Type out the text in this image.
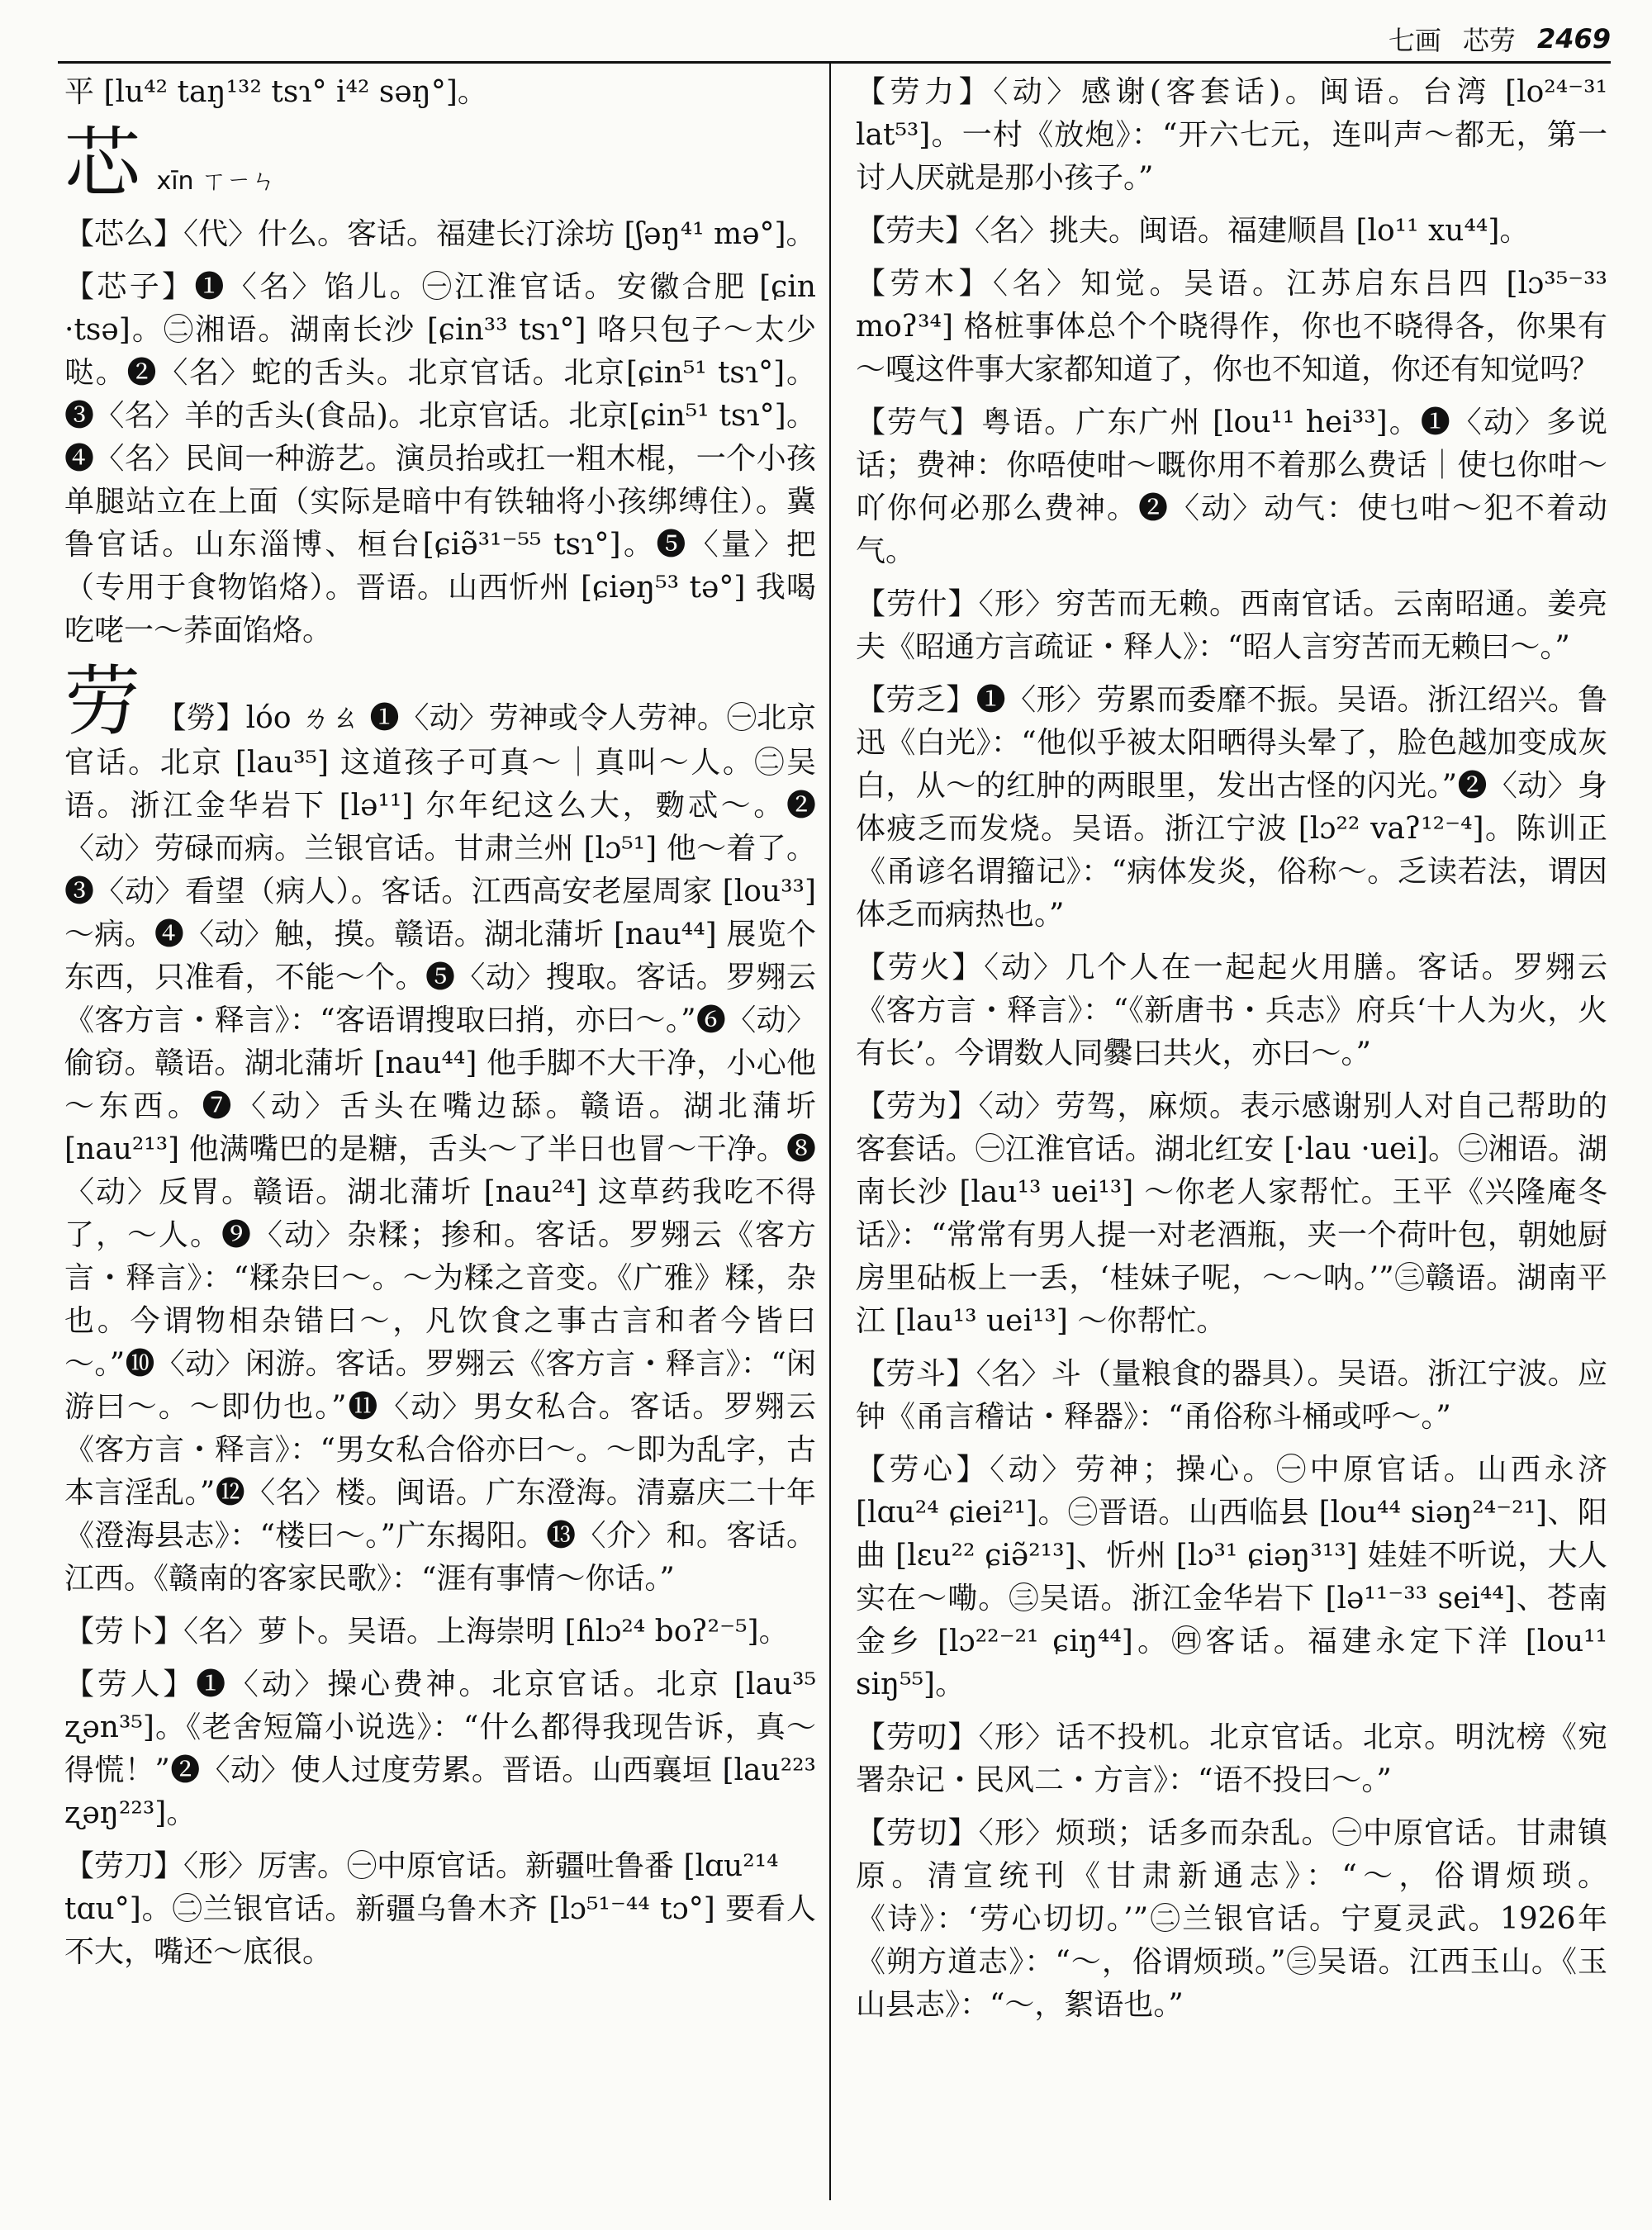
七画 芯劳 2469
平 [lu⁴² taŋ¹³² tsɿ° i⁴² səŋ°]。
芯 xīn ㄒㄧㄣ
【芯么】〈代〉什么。客话。福建长汀涂坊 [ʃəŋ⁴¹ mə°]。
【芯子】❶〈名〉馅儿。㊀江淮官话。安徽合肥 [ɕin ·tsə]。㊁湘语。湖南长沙 [ɕin³³ tsɿ°] 咯只包子～太少哒。❷〈名〉蛇的舌头。北京官话。北京[ɕin⁵¹ tsɿ°]。❸〈名〉羊的舌头(食品)。北京官话。北京[ɕin⁵¹ tsɿ°]。❹〈名〉民间一种游艺。演员抬或扛一粗木棍，一个小孩单腿站立在上面（实际是暗中有铁轴将小孩绑缚住）。冀鲁官话。山东淄博、桓台[ɕiə̃³¹⁻⁵⁵ tsɿ°]。❺〈量〉把（专用于食物馅烙）。晋语。山西忻州 [ɕiəŋ⁵³ tə°] 我喝吃咾一～荞面馅烙。
劳 【勞】lóo ㄌㄠ ❶〈动〉劳神或令人劳神。㊀北京官话。北京 [lau³⁵] 这道孩子可真～｜真叫～人。㊁吴语。浙江金华岩下 [lə¹¹] 尔年纪这么大，覅忒～。❷〈动〉劳碌而病。兰银官话。甘肃兰州 [lɔ⁵¹] 他～着了。❸〈动〉看望（病人）。客话。江西高安老屋周家 [lou³³]～病。❹〈动〉触，摸。赣语。湖北蒲圻 [nau⁴⁴] 展览个东西，只准看，不能～个。❺〈动〉搜取。客话。罗翙云《客方言・释言》：“客语谓搜取曰捎，亦曰～。”❻〈动〉偷窃。赣语。湖北蒲圻 [nau⁴⁴] 他手脚不大干净，小心他～东西。❼〈动〉舌头在嘴边舔。赣语。湖北蒲圻 [nau²¹³] 他满嘴巴的是糖，舌头～了半日也冒～干净。❽〈动〉反胃。赣语。湖北蒲圻 [nau²⁴] 这草药我吃不得了，～人。❾〈动〉杂糅；掺和。客话。罗翙云《客方言・释言》：“糅杂曰～。～为糅之音变。《广雅》糅，杂也。今谓物相杂错曰～，凡饮食之事古言和者今皆曰～。”❿〈动〉闲游。客话。罗翙云《客方言・释言》：“闲游曰～。～即仂也。”⓫〈动〉男女私合。客话。罗翙云《客方言・释言》：“男女私合俗亦曰～。～即为乱字，古本言淫乱。”⓬〈名〉楼。闽语。广东澄海。清嘉庆二十年《澄海县志》：“楼曰～。”广东揭阳。⓭〈介〉和。客话。江西。《赣南的客家民歌》：“涯有事情～你话。”
【劳卜】〈名〉萝卜。吴语。上海崇明 [ɦlɔ²⁴ boʔ²⁻⁵]。
【劳人】❶〈动〉操心费神。北京官话。北京 [lau³⁵ ʐən³⁵]。《老舍短篇小说选》：“什么都得我现告诉，真～得慌！”❷〈动〉使人过度劳累。晋语。山西襄垣 [lau²²³ ʐəŋ²²³]。
【劳刀】〈形〉厉害。㊀中原官话。新疆吐鲁番 [lɑu²¹⁴
tɑu°]。㊁兰银官话。新疆乌鲁木齐 [lɔ⁵¹⁻⁴⁴ tɔ°] 要看人不大，嘴还～底很。
【劳力】〈动〉感谢(客套话)。闽语。台湾 [lo²⁴⁻³¹ lat⁵³]。一村《放炮》：“开六七元，连叫声～都无，第一讨人厌就是那小孩子。”
【劳夫】〈名〉挑夫。闽语。福建顺昌 [lo¹¹ xu⁴⁴]。
【劳木】〈名〉知觉。吴语。江苏启东吕四 [lɔ³⁵⁻³³ moʔ³⁴] 格桩事体总个个晓得作，你也不晓得各，你果有～嘎这件事大家都知道了，你也不知道，你还有知觉吗？
【劳气】粤语。广东广州 [lou¹¹ hei³³]。❶〈动〉多说话；费神：你唔使咁～嘅你用不着那么费话｜使乜你咁～吖你何必那么费神。❷〈动〉动气：使乜咁～犯不着动气。
【劳什】〈形〉穷苦而无赖。西南官话。云南昭通。姜亮夫《昭通方言疏证・释人》：“昭人言穷苦而无赖曰～。”
【劳乏】❶〈形〉劳累而委靡不振。吴语。浙江绍兴。鲁迅《白光》：“他似乎被太阳晒得头晕了，脸色越加变成灰白，从～的红肿的两眼里，发出古怪的闪光。”❷〈动〉身体疲乏而发烧。吴语。浙江宁波 [lɔ²² vaʔ¹²⁻⁴]。陈训正《甬谚名谓籀记》：“病体发炎，俗称～。乏读若法，谓因体乏而病热也。”
【劳火】〈动〉几个人在一起起火用膳。客话。罗翙云《客方言・释言》：“《新唐书・兵志》府兵‘十人为火，火有长’。今谓数人同爨曰共火，亦曰～。”
【劳为】〈动〉劳驾，麻烦。表示感谢别人对自己帮助的客套话。㊀江淮官话。湖北红安 [·lau ·uei]。㊁湘语。湖南长沙 [lau¹³ uei¹³] ～你老人家帮忙。王平《兴隆庵冬话》：“常常有男人提一对老酒瓶，夹一个荷叶包，朝她厨房里砧板上一丢，‘桂妹子呢，～～呐。’”㊂赣语。湖南平江 [lau¹³ uei¹³] ～你帮忙。
【劳斗】〈名〉斗（量粮食的器具）。吴语。浙江宁波。应钟《甬言稽诂・释器》：“甬俗称斗桶或呼～。”
【劳心】〈动〉劳神；操心。㊀中原官话。山西永济 [lɑu²⁴ ɕiei²¹]。㊁晋语。山西临县 [lou⁴⁴ siəŋ²⁴⁻²¹]、阳曲 [lɛu²² ɕiə̃²¹³]、忻州 [lɔ³¹ ɕiəŋ³¹³] 娃娃不听说，大人实在～嘞。㊂吴语。浙江金华岩下 [lə¹¹⁻³³ sei⁴⁴]、苍南金乡 [lɔ²²⁻²¹ ɕiŋ⁴⁴]。㊃客话。福建永定下洋 [lou¹¹ siŋ⁵⁵]。
【劳叨】〈形〉话不投机。北京官话。北京。明沈榜《宛署杂记・民风二・方言》：“语不投曰～。”
【劳切】〈形〉烦琐；话多而杂乱。㊀中原官话。甘肃镇原。清宣统刊《甘肃新通志》：“～，俗谓烦琐。《诗》：‘劳心切切。’”㊁兰银官话。宁夏灵武。1926年《朔方道志》：“～，俗谓烦琐。”㊂吴语。江西玉山。《玉山县志》：“～，絮语也。”
